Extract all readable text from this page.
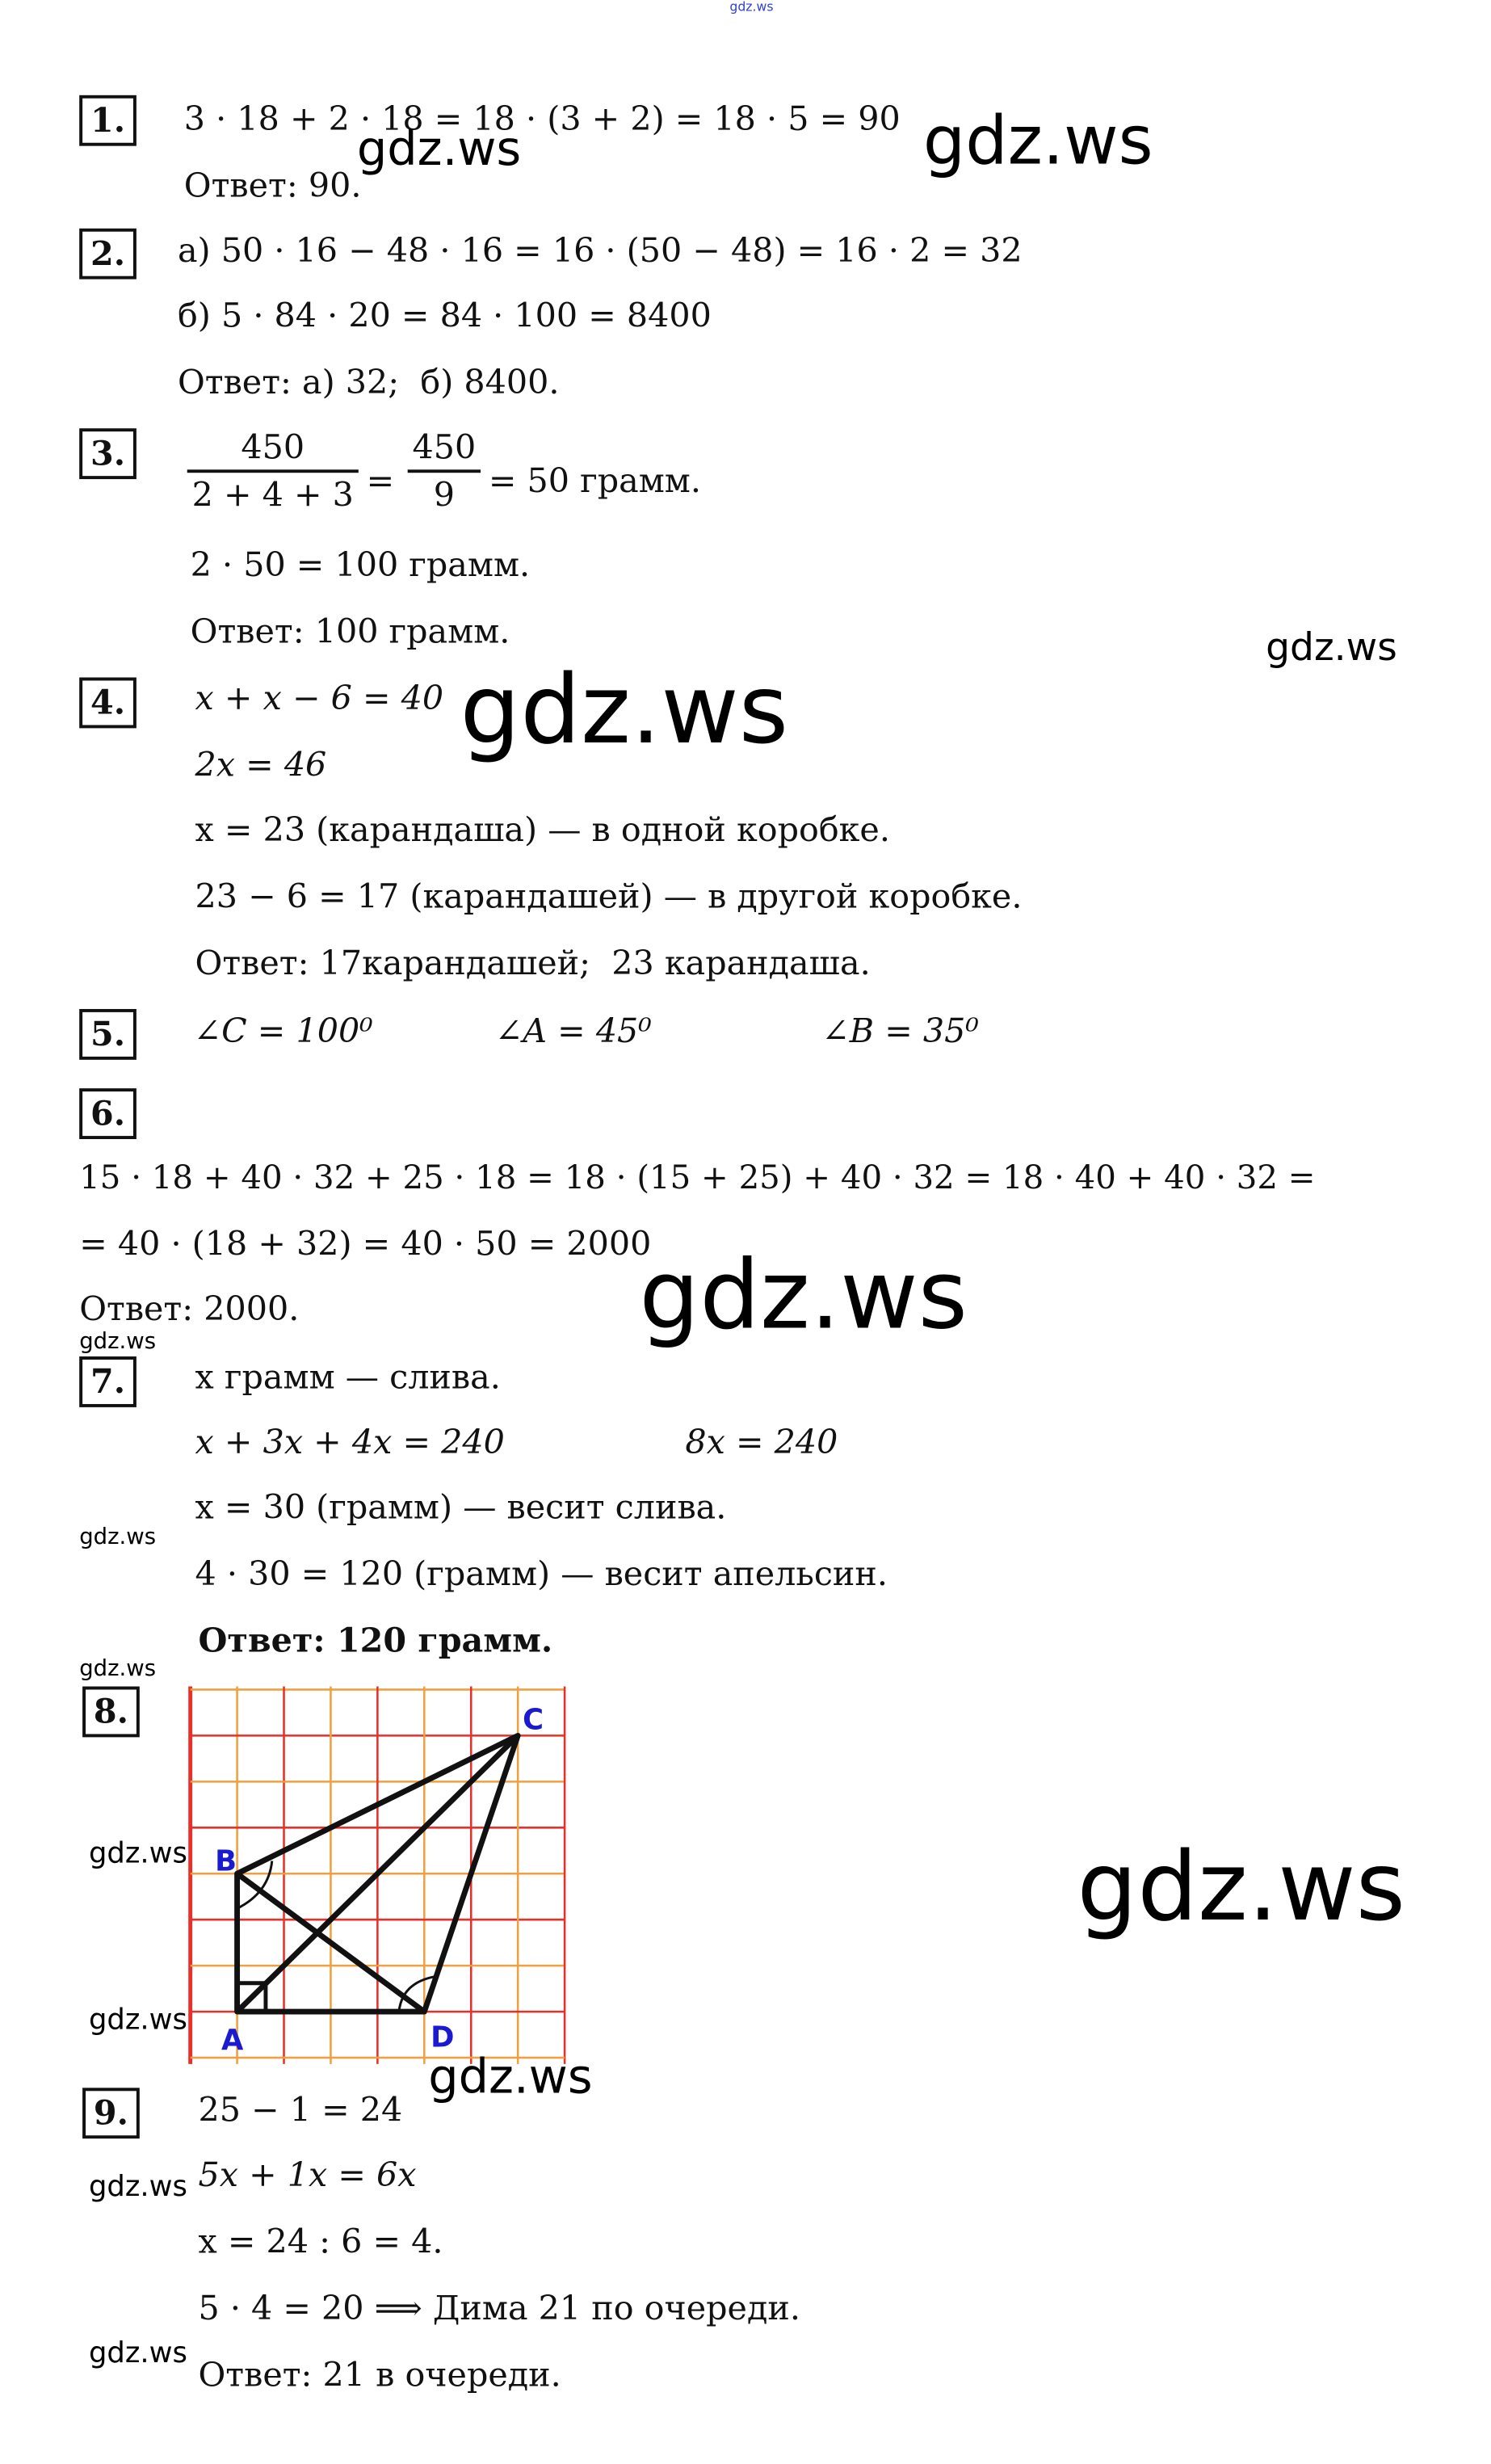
gdz.ws
1.	3 · 18 + 2 · 18 = 18 · (3 + 2) = 18 · 5 = 90
Ответ: 90.
gdz.ws	gdz.ws
2.	а) 50 · 16 − 48 · 16 = 16 · (50 − 48) = 16 · 2 = 32
б) 5 · 84 · 20 = 84 · 100 = 8400
Ответ: а) 32;  б) 8400.
3.	$\frac{450}{2 + 4 + 3} = \frac{450}{9} = 50$ грамм.
2 · 50 = 100 грамм.
Ответ: 100 грамм.	gdz.ws
4.	x + x − 6 = 40 gdz.ws
2x = 46
x = 23 (карандаша) — в одной коробке.
23 − 6 = 17 (карандашей) — в другой коробке.
Ответ: 17карандашей;  23 карандаша.
5.	∠C = 100⁰	∠A = 45⁰	∠B = 35⁰
6.
15 · 18 + 40 · 32 + 25 · 18 = 18 · (15 + 25) + 40 · 32 = 18 · 40 + 40 · 32 =
= 40 · (18 + 32) = 40 · 50 = 2000
Ответ: 2000.	gdz.ws
gdz.ws
7.	x грамм — слива.
x + 3x + 4x = 240	8x = 240
x = 30 (грамм) — весит слива.
4 · 30 = 120 (грамм) — весит апельсин.
Ответ: 120 грамм.
gdz.ws
gdz.ws
8.
A
B
C
D
gdz.ws
gdz.ws
gdz.ws
gdz.ws
9.	25 − 1 = 24
5x + 1x = 6x
x = 24 : 6 = 4.
5 · 4 = 20 ⟹ Дима 21 по очереди.
Ответ: 21 в очереди.
gdz.ws
gdz.ws
